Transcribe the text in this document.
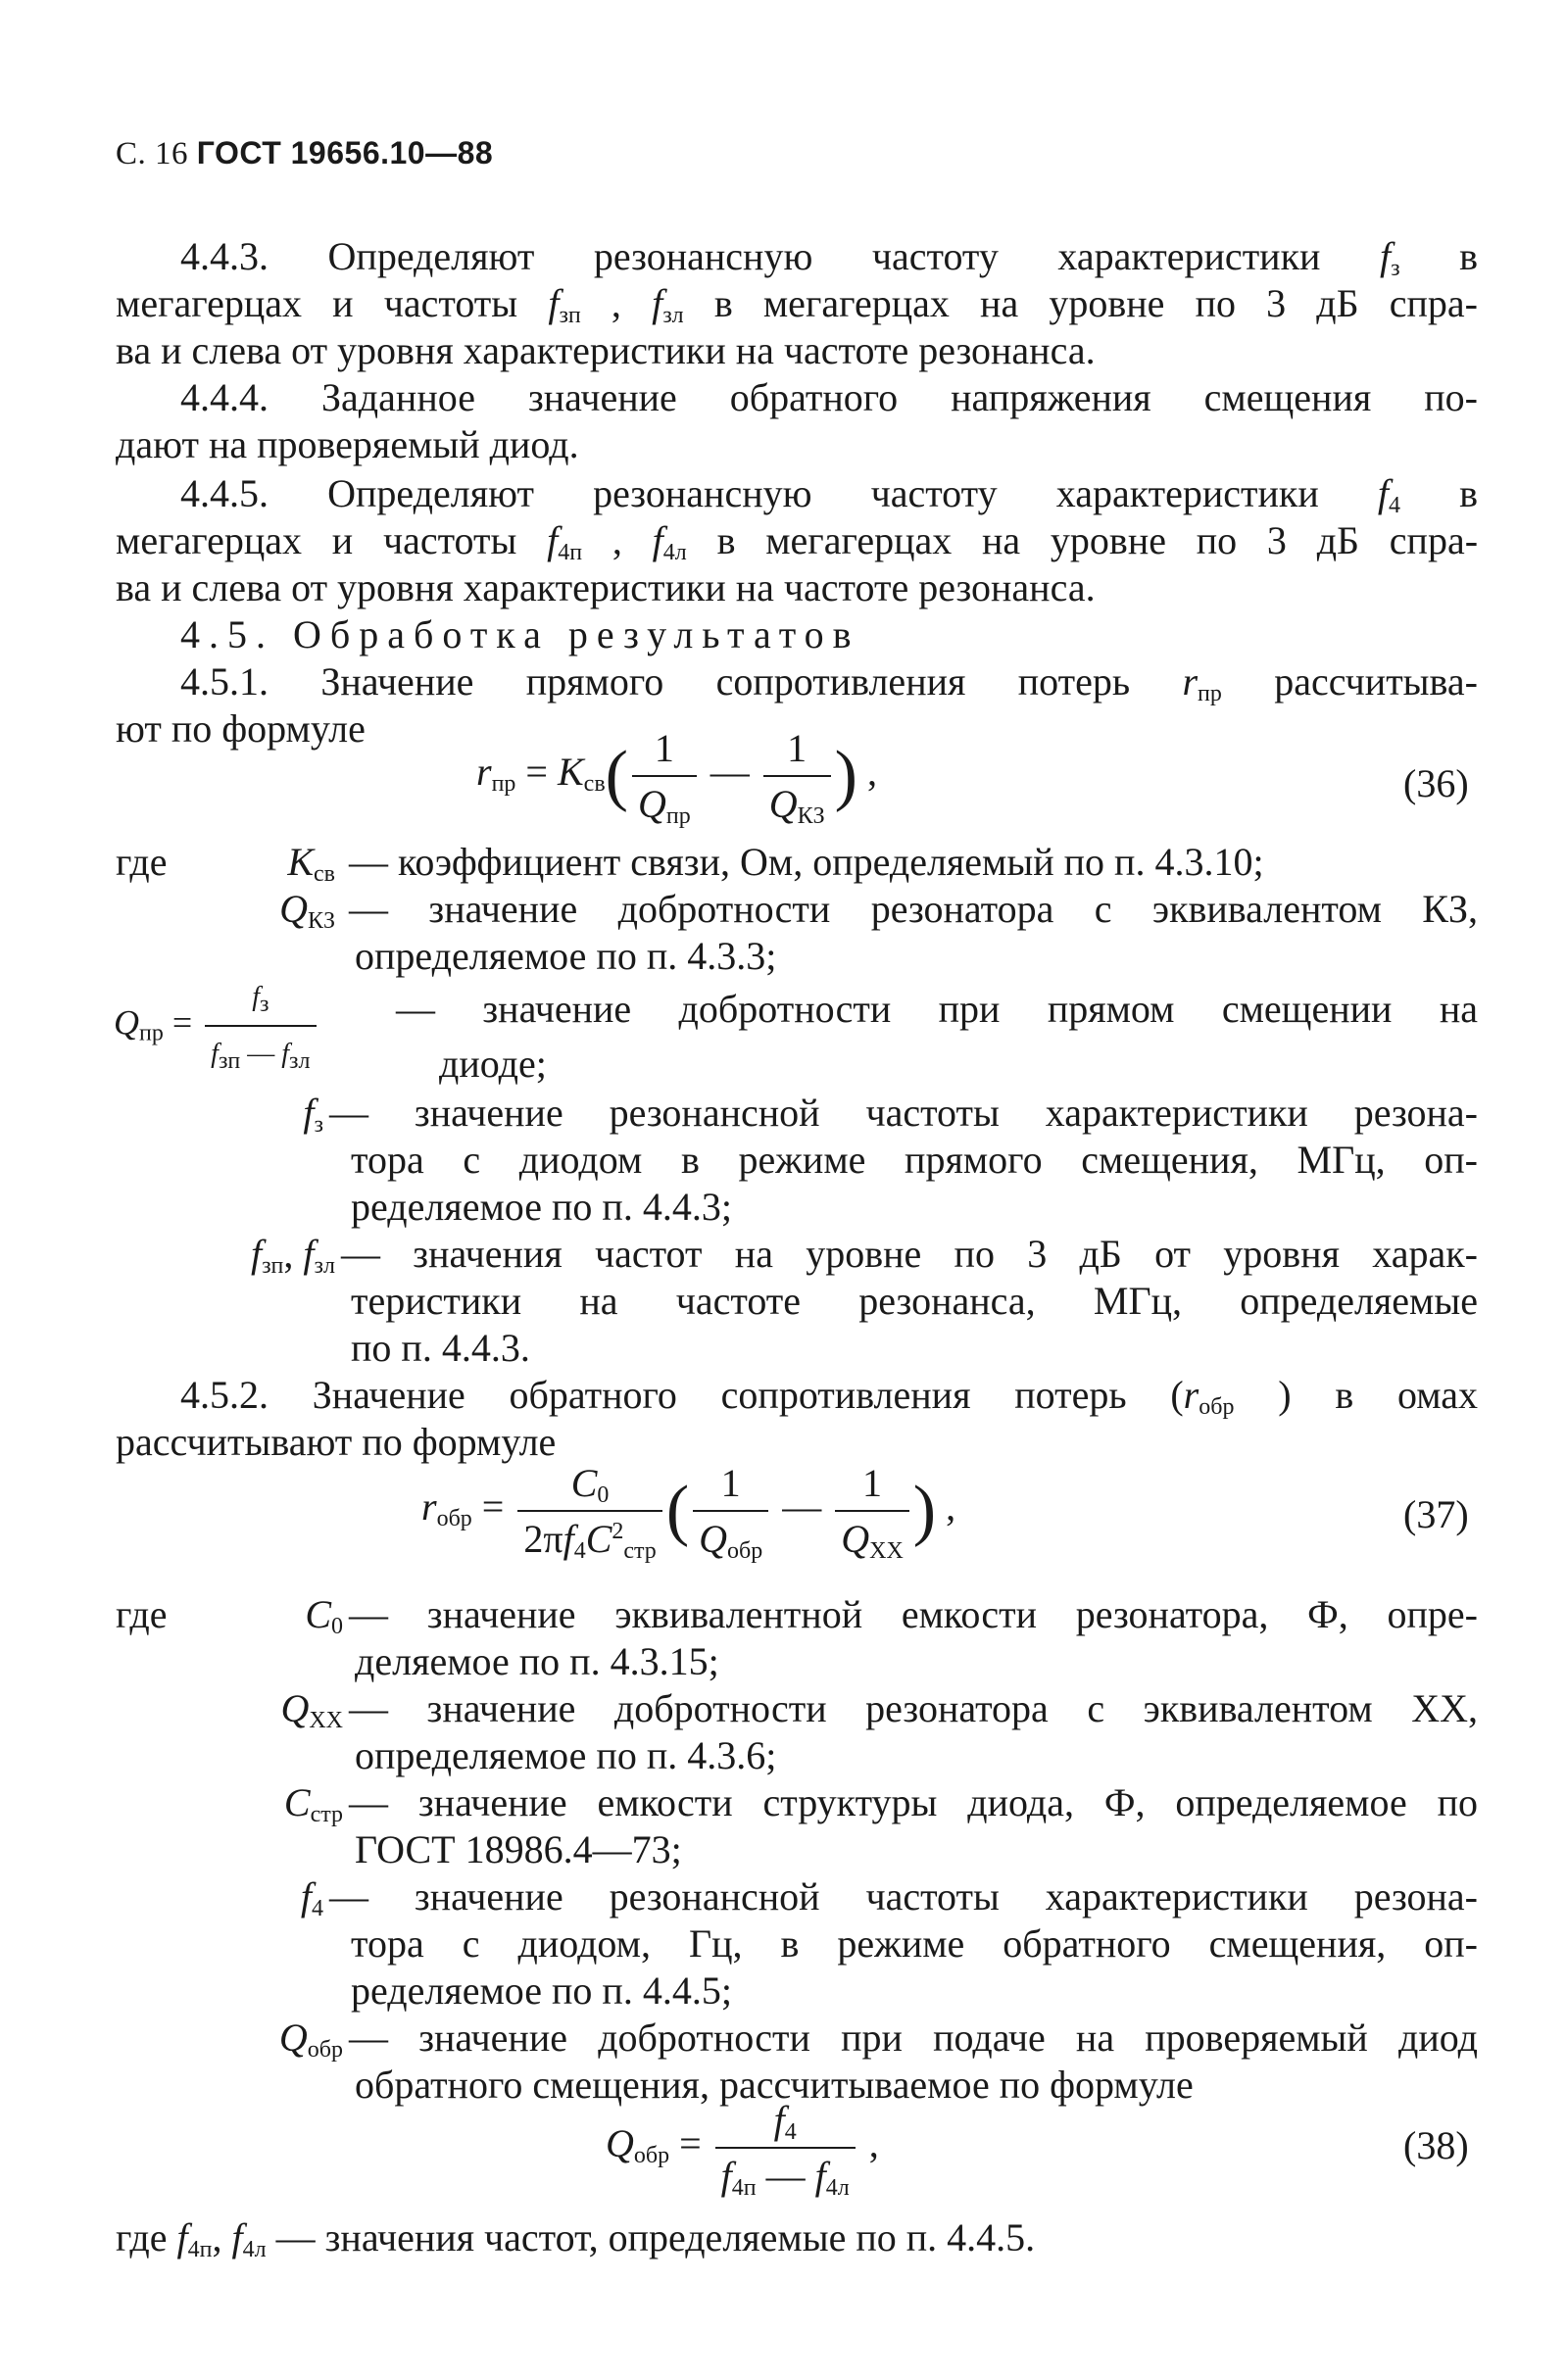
С. 16 ГОСТ 19656.10—88
4.4.3. Определяют резонансную частоту характеристики $f_з$ в
мегагерцах и частоты $f_{зп}$ , $f_{зл}$ в мегагерцах на уровне по 3 дБ спра-
ва и слева от уровня характеристики на частоте резонанса.
4.4.4. Заданное значение обратного напряжения смещения по-
дают на проверяемый диод.
4.4.5. Определяют резонансную частоту характеристики $f_4$ в
мегагерцах и частоты $f_{4п}$ , $f_{4л}$ в мегагерцах на уровне по 3 дБ спра-
ва и слева от уровня характеристики на частоте резонанса.
4.5. Обработка результатов
4.5.1. Значение прямого сопротивления потерь $r_{пр}$ рассчитыва-
ют по формуле
$r_{пр} = K_{св}( \frac{1}{Q_{пр}}$ — $\frac{1}{Q_{КЗ}}$ ) ,	(36)
где	$K_{св}$ — коэффициент связи, Ом, определяемый по п. 4.3.10;
$Q_{КЗ}$ — значение добротности резонатора с эквивалентом КЗ,
определяемое по п. 4.3.3;
$Q_{пр} = \frac{f_з}{f_{зп} — f_{зл}}$ — значение добротности при прямом смещении на
диоде;
$f_з$ — значение резонансной частоты характеристики резона-
тора с диодом в режиме прямого смещения, МГц, оп-
ределяемое по п. 4.4.3;
$f_{зп}$, $f_{зл}$ — значения частот на уровне по 3 дБ от уровня харак-
теристики на частоте резонанса, МГц, определяемые
по п. 4.4.3.
4.5.2. Значение обратного сопротивления потерь ($r_{обр}$ ) в омах
рассчитывают по формуле
$r_{обр} = \frac{C_0}{2\pi f_4C^2_{стр}}$ ( $\frac{1}{Q_{обр}}$ — $\frac{1}{Q_{ХХ}}$ ) ,	(37)
где	$C_0$ — значение эквивалентной емкости резонатора, Ф, опре-
деляемое по п. 4.3.15;
$Q_{ХХ}$ — значение добротности резонатора с эквивалентом ХХ,
определяемое по п. 4.3.6;
$C_{стр}$ — значение емкости структуры диода, Ф, определяемое по
ГОСТ 18986.4—73;
$f_4$ — значение резонансной частоты характеристики резона-
тора с диодом, Гц, в режиме обратного смещения, оп-
ределяемое по п. 4.4.5;
$Q_{обр}$ — значение добротности при подаче на проверяемый диод
обратного смещения, рассчитываемое по формуле
$Q_{обр} = \frac{f_4}{f_{4п} — f_{4л}}$ ,	(38)
где $f_{4п}$, $f_{4л}$ — значения частот, определяемые по п. 4.4.5.
